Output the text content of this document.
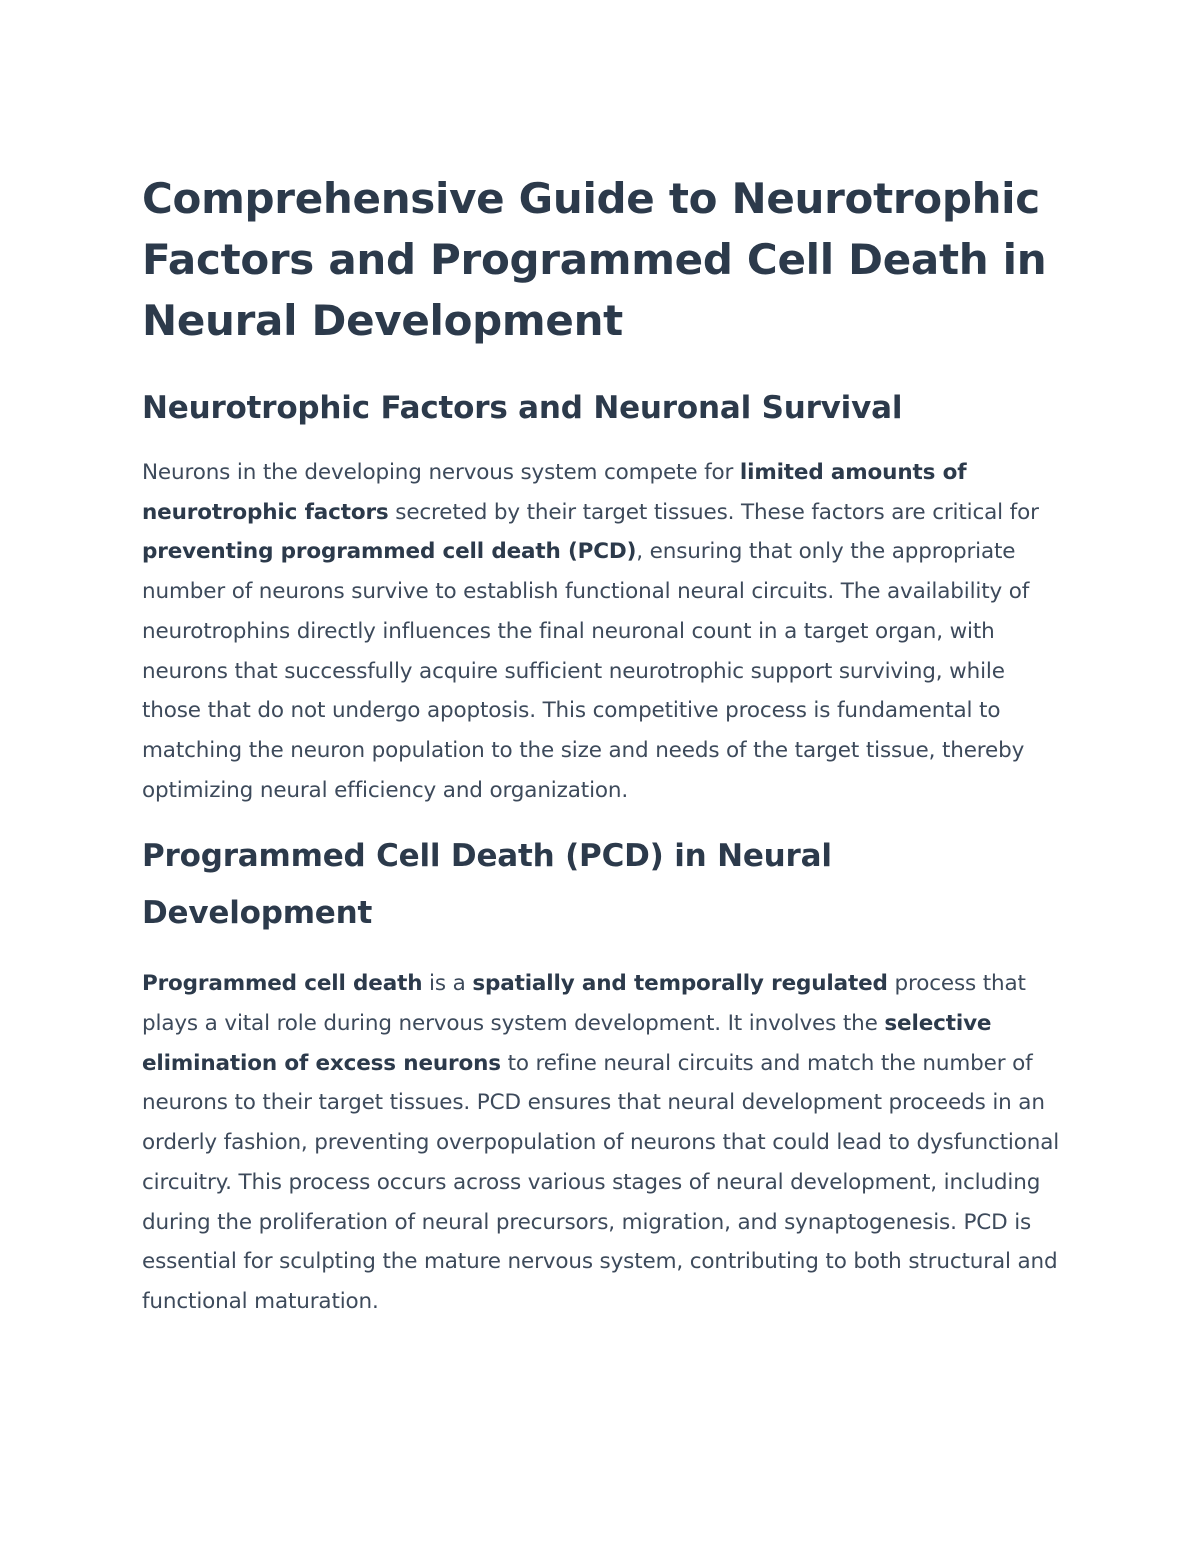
Comprehensive Guide to Neurotrophic Factors and Programmed Cell Death in Neural Development
Neurotrophic Factors and Neuronal Survival

Neurons in the developing nervous system compete for limited amounts of neurotrophic factors secreted by their target tissues. These factors are critical for preventing programmed cell death (PCD), ensuring that only the appropriate number of neurons survive to establish functional neural circuits. The availability of neurotrophins directly influences the final neuronal count in a target organ, with neurons that successfully acquire sufficient neurotrophic support surviving, while those that do not undergo apoptosis. This competitive process is fundamental to matching the neuron population to the size and needs of the target tissue, thereby optimizing neural efficiency and organization.

Programmed Cell Death (PCD) in Neural Development

Programmed cell death is a spatially and temporally regulated process that plays a vital role during nervous system development. It involves the selective elimination of excess neurons to refine neural circuits and match the number of neurons to their target tissues. PCD ensures that neural development proceeds in an orderly fashion, preventing overpopulation of neurons that could lead to dysfunctional circuitry. This process occurs across various stages of neural development, including during the proliferation of neural precursors, migration, and synaptogenesis. PCD is essential for sculpting the mature nervous system, contributing to both structural and functional maturation.
